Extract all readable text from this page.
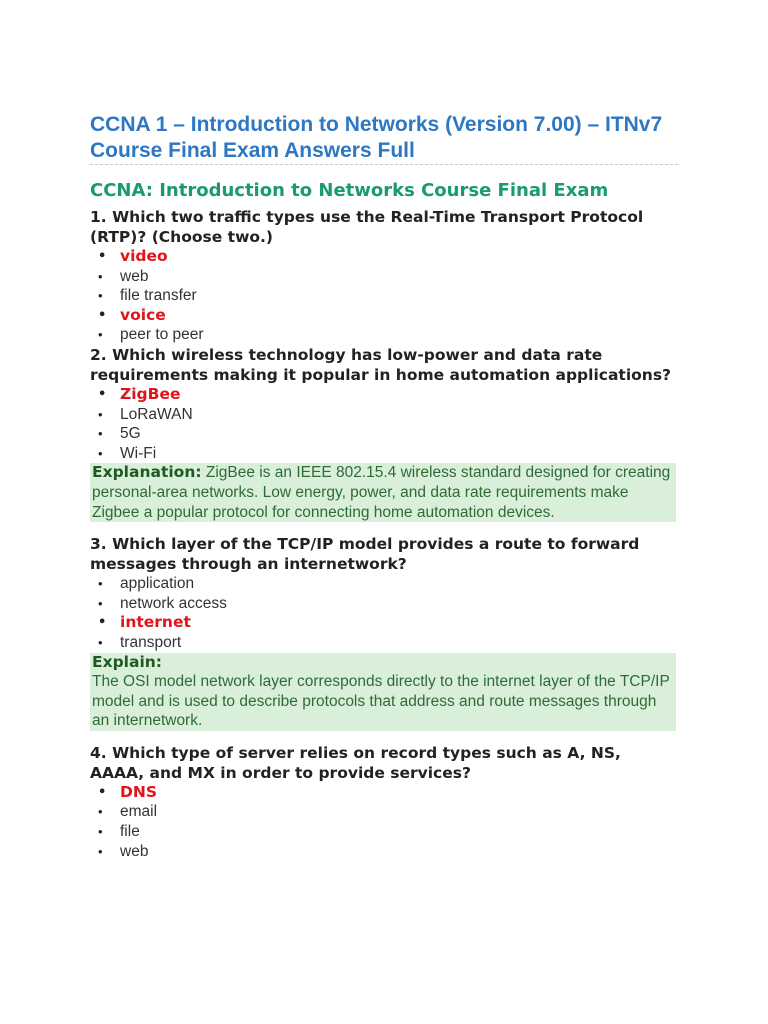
CCNA 1 – Introduction to Networks (Version 7.00) – ITNv7 Course Final Exam Answers Full
CCNA: Introduction to Networks Course Final Exam

1. Which two traffic types use the Real-Time Transport Protocol (RTP)? (Choose two.)

• video
• web
• file transfer
• voice
• peer to peer

2. Which wireless technology has low-power and data rate requirements making it popular in home automation applications?

• ZigBee
• LoRaWAN
• 5G
• Wi-Fi
Explanation: ZigBee is an IEEE 802.15.4 wireless standard designed for creating personal-area networks. Low energy, power, and data rate requirements make Zigbee a popular protocol for connecting home automation devices.

3. Which layer of the TCP/IP model provides a route to forward messages through an internetwork?

• application
• network access
• internet
• transport
Explain:
The OSI model network layer corresponds directly to the internet layer of the TCP/IP model and is used to describe protocols that address and route messages through an internetwork.

4. Which type of server relies on record types such as A, NS, AAAA, and MX in order to provide services?

• DNS
• email
• file
• web
